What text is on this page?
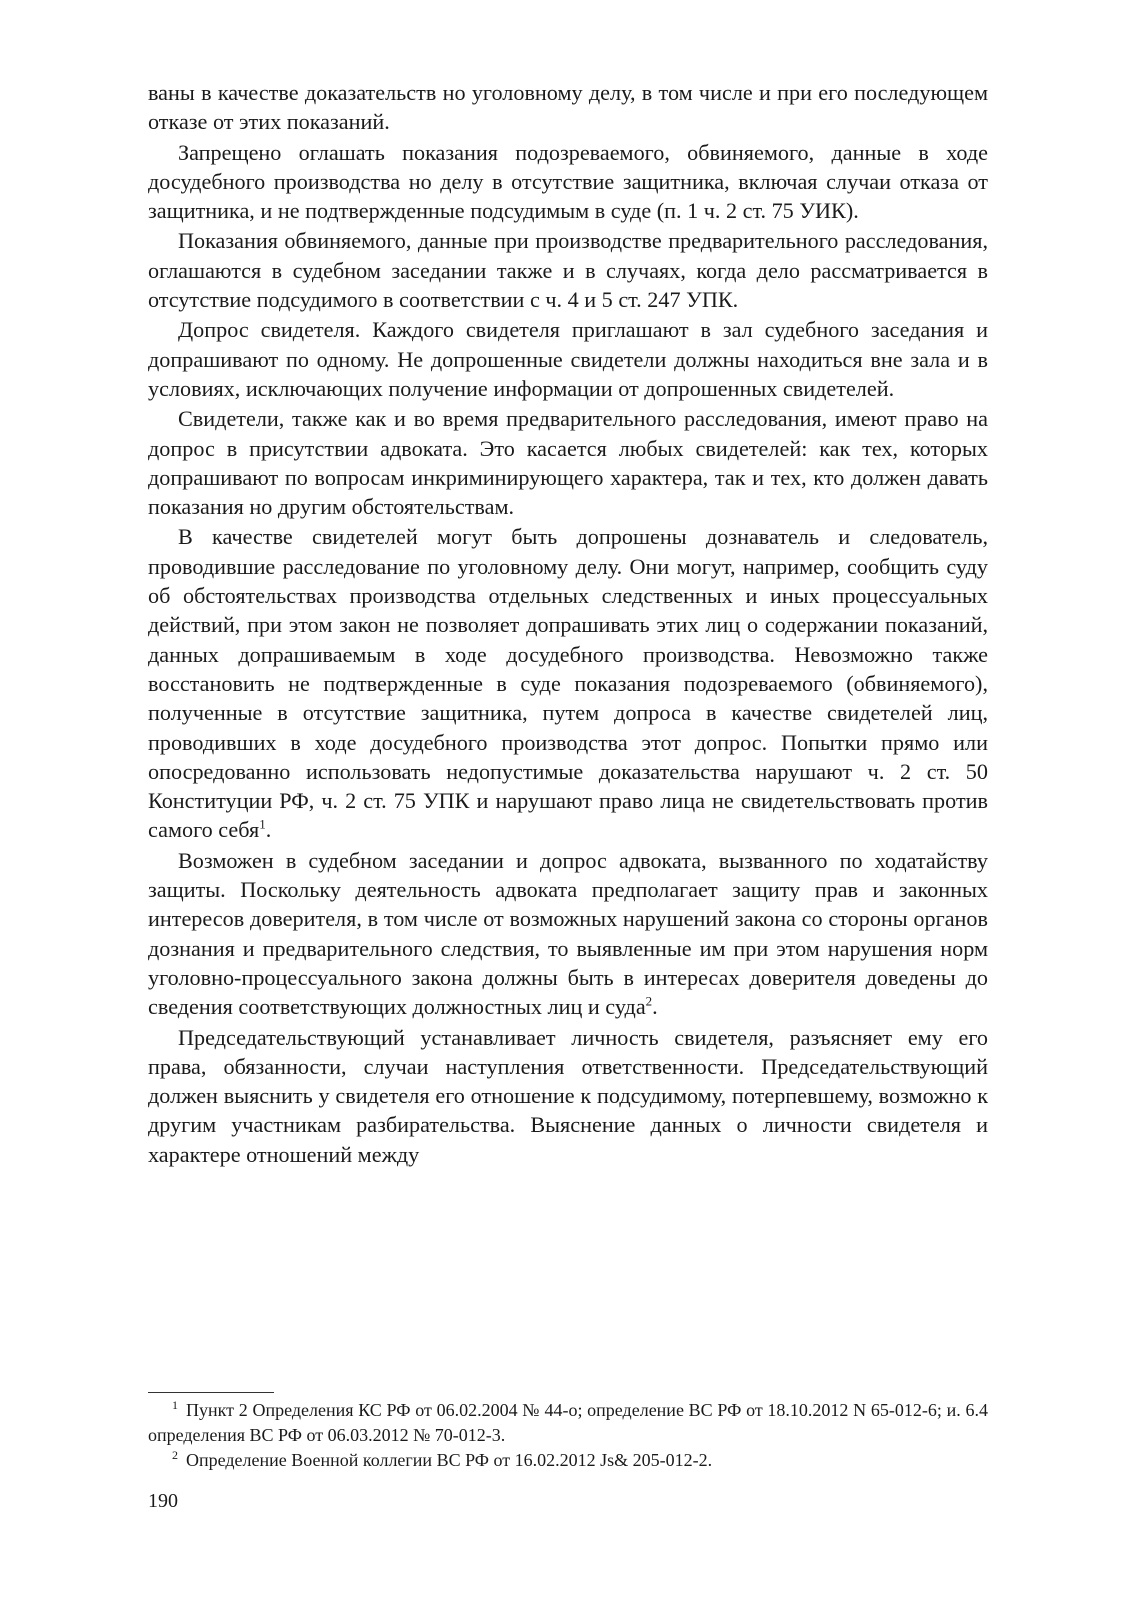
ваны в качестве доказательств но уголовному делу, в том числе и при его последующем отказе от этих показаний.

Запрещено оглашать показания подозреваемого, обвиняемого, данные в ходе досудебного производства но делу в отсутствие защитника, включая случаи отказа от защитника, и не подтвержденные подсудимым в суде (п. 1 ч. 2 ст. 75 УИК).

Показания обвиняемого, данные при производстве предварительного расследования, оглашаются в судебном заседании также и в случаях, когда дело рассматривается в отсутствие подсудимого в соответствии с ч. 4 и 5 ст. 247 УПК.

Допрос свидетеля. Каждого свидетеля приглашают в зал судебного заседания и допрашивают по одному. Не допрошенные свидетели должны находиться вне зала и в условиях, исключающих получение информации от допрошенных свидетелей.

Свидетели, также как и во время предварительного расследования, имеют право на допрос в присутствии адвоката. Это касается любых свидетелей: как тех, которых допрашивают по вопросам инкриминирующего характера, так и тех, кто должен давать показания но другим обстоятельствам.

В качестве свидетелей могут быть допрошены дознаватель и следователь, проводившие расследование по уголовному делу. Они могут, например, сообщить суду об обстоятельствах производства отдельных следственных и иных процессуальных действий, при этом закон не позволяет допрашивать этих лиц о содержании показаний, данных допрашиваемым в ходе досудебного производства. Невозможно также восстановить не подтвержденные в суде показания подозреваемого (обвиняемого), полученные в отсутствие защитника, путем допроса в качестве свидетелей лиц, проводивших в ходе досудебного производства этот допрос. Попытки прямо или опосредованно использовать недопустимые доказательства нарушают ч. 2 ст. 50 Конституции РФ, ч. 2 ст. 75 УПК и нарушают право лица не свидетельствовать против самого себя$^1$.

Возможен в судебном заседании и допрос адвоката, вызванного по ходатайству защиты. Поскольку деятельность адвоката предполагает защиту прав и законных интересов доверителя, в том числе от возможных нарушений закона со стороны органов дознания и предварительного следствия, то выявленные им при этом нарушения норм уголовно-процессуального закона должны быть в интересах доверителя доведены до сведения соответствующих должностных лиц и суда$^2$.

Председательствующий устанавливает личность свидетеля, разъясняет ему его права, обязанности, случаи наступления ответственности. Председательствующий должен выяснить у свидетеля его отношение к подсудимому, потерпевшему, возможно к другим участникам разбирательства. Выяснение данных о личности свидетеля и характере отношений между

$^1$ Пункт 2 Определения КС РФ от 06.02.2004 № 44-о; определение ВС РФ от 18.10.2012 N 65-012-6; и. 6.4 определения ВС РФ от 06.03.2012 № 70-012-3.

$^2$ Определение Военной коллегии ВС РФ от 16.02.2012 Js& 205-012-2.

190
